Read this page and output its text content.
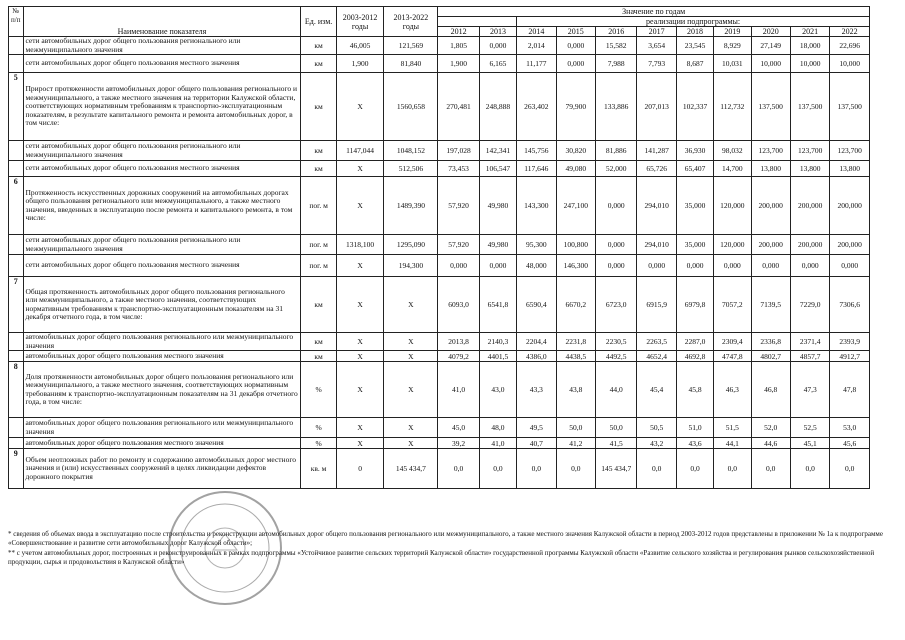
№ п/п	Наименование показателя	Ед. изм.	2003-2012 годы	2013-2022 годы	Значение по годам										
							реализации подпрограммы:								
					2012	2013	2014	2015	2016	2017	2018	2019	2020	2021	2022
	сети автомобильных дорог общего пользования регионального или межмуниципального значения	км	46,005	121,569	1,805	0,000	2,014	0,000	15,582	3,654	23,545	8,929	27,149	18,000	22,696
	сети автомобильных дорог общего пользования местного значения	км	1,900	81,840	1,900	6,165	11,177	0,000	7,988	7,793	8,687	10,031	10,000	10,000	10,000
5	Прирост протяженности автомобильных дорог общего пользования регионального и межмуниципального, а также местного значения на территории Калужской области, соответствующих нормативным требованиям к транспортно-эксплуатационным показателям, в результате капитального ремонта и ремонта автомобильных дорог, в том числе:	км	X	1560,658	270,481	248,888	263,402	79,900	133,886	207,013	102,337	112,732	137,500	137,500	137,500
	сети автомобильных дорог общего пользования регионального или межмуниципального значения	км	1147,044	1048,152	197,028	142,341	145,756	30,820	81,886	141,287	36,930	98,032	123,700	123,700	123,700
	сети автомобильных дорог общего пользования местного значения	км	X	512,506	73,453	106,547	117,646	49,080	52,000	65,726	65,407	14,700	13,800	13,800	13,800
6	Протяженность искусственных дорожных сооружений на автомобильных дорогах общего пользования регионального или межмуниципального, а также местного значения, введенных в эксплуатацию после ремонта и капитального ремонта, в том числе:	пог. м	X	1489,390	57,920	49,980	143,300	247,100	0,000	294,010	35,000	120,000	200,000	200,000	200,000
	сети автомобильных дорог общего пользования регионального или межмуниципального значения	пог. м	1318,100	1295,090	57,920	49,980	95,300	100,800	0,000	294,010	35,000	120,000	200,000	200,000	200,000
	сети автомобильных дорог общего пользования местного значения	пог. м	X	194,300	0,000	0,000	48,000	146,300	0,000	0,000	0,000	0,000	0,000	0,000	0,000
7	Общая протяженность автомобильных дорог общего пользования регионального или межмуниципального, а также местного значения, соответствующих нормативным требованиям к транспортно-эксплуатационным показателям на 31 декабря отчетного года, в том числе:	км	X	X	6093,0	6541,8	6590,4	6670,2	6723,0	6915,9	6979,8	7057,2	7139,5	7229,0	7306,6
	автомобильных дорог общего пользования регионального или межмуниципального значения	км	X	X	2013,8	2140,3	2204,4	2231,8	2230,5	2263,5	2287,0	2309,4	2336,8	2371,4	2393,9
	автомобильных дорог общего пользования местного значения	км	X	X	4079,2	4401,5	4386,0	4438,5	4492,5	4652,4	4692,8	4747,8	4802,7	4857,7	4912,7
8	Доля протяженности автомобильных дорог общего пользования регионального или межмуниципального, а также местного значения, соответствующих нормативным требованиям к транспортно-эксплуатационным показателям на 31 декабря отчетного года, в том числе:	%	X	X	41,0	43,0	43,3	43,8	44,0	45,4	45,8	46,3	46,8	47,3	47,8
	автомобильных дорог общего пользования регионального или межмуниципального значения	%	X	X	45,0	48,0	49,5	50,0	50,0	50,5	51,0	51,5	52,0	52,5	53,0
	автомобильных дорог общего пользования местного значения	%	X	X	39,2	41,0	40,7	41,2	41,5	43,2	43,6	44,1	44,6	45,1	45,6
9	Объем неотложных работ по ремонту и содержанию автомобильных дорог местного значения и (или) искусственных сооружений в целях ликвидации дефектов дорожного покрытия	кв. м	0	145 434,7	0,0	0,0	0,0	0,0	145 434,7	0,0	0,0	0,0	0,0	0,0	0,0

* сведения об объемах ввода в эксплуатацию после строительства и реконструкции автомобильных дорог общего пользования регионального или межмуниципального, а также местного значения Калужской области в период 2003-2012 годов представлены в приложении № 1а к подпрограмме «Совершенствование и развитие сети автомобильных дорог Калужской области»;

** с учетом автомобильных дорог, построенных и реконструированных в рамках подпрограммы «Устойчивое развитие сельских территорий Калужской области» государственной программы Калужской области «Развитие сельского хозяйства и регулирования рынков сельскохозяйственной продукции, сырья и продовольствия в Калужской области»
